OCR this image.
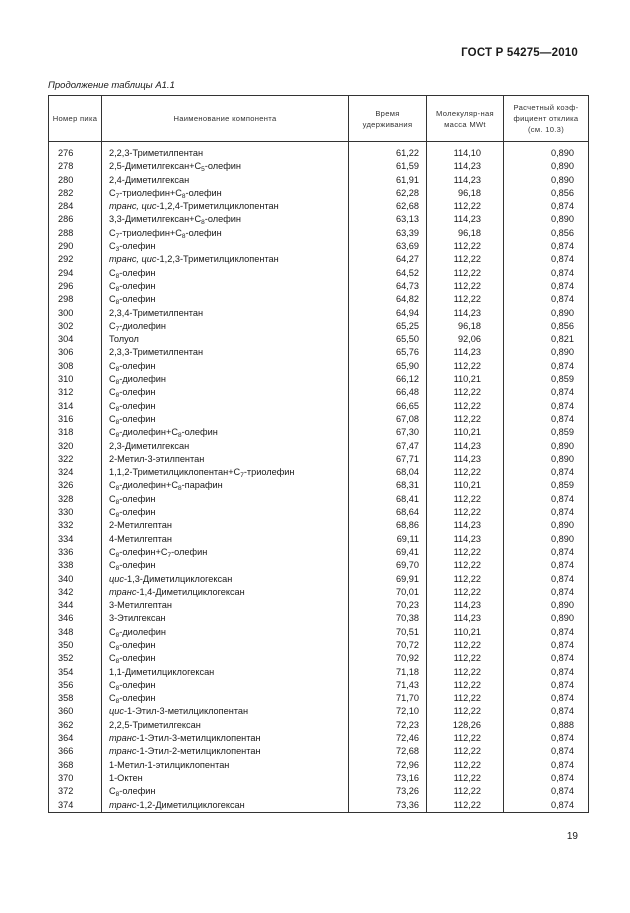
ГОСТ Р 54275—2010
Продолжение таблицы А1.1
Номер пика	Наименование компонента	Время удерживания	Молекуляр-ная масса MWt	Расчетный коэф-фициент отклика (см. 10.3)

276	2,2,3-Триметилпентан	61,22	114,10	0,890
278	$2,5-Диметилгексан+С_5$-олефин	61,59	114,23	0,890
280	2,4-Диметилгексан	61,91	114,23	0,890
282	$С_7-триолефин+С_8$-олефин	62,28	96,18	0,856
284	транс, цис-1,2,4-Триметилциклопентан	62,68	112,22	0,874
286	$3,3-Диметилгексан+С_8$-олефин	63,13	114,23	0,890
288	$С_7-триолефин+С_8$-олефин	63,39	96,18	0,856
290	$С_3$-олефин	63,69	112,22	0,874
292	транс, цис-1,2,3-Триметилциклопентан	64,27	112,22	0,874
294	$С_8$-олефин	64,52	112,22	0,874
296	$С_8$-олефин	64,73	112,22	0,874
298	$С_8$-олефин	64,82	112,22	0,874
300	2,3,4-Триметилпентан	64,94	114,23	0,890
302	$С_7$-диолефин	65,25	96,18	0,856
304	Толуол	65,50	92,06	0,821
306	2,3,3-Триметилпентан	65,76	114,23	0,890
308	$С_8$-олефин	65,90	112,22	0,874
310	$С_8$-диолефин	66,12	110,21	0,859
312	$С_8$-олефин	66,48	112,22	0,874
314	$С_8$-олефин	66,65	112,22	0,874
316	$С_8$-олефин	67,08	112,22	0,874
318	$С_8-диолефин+С_8$-олефин	67,30	110,21	0,859
320	2,3-Диметилгексан	67,47	114,23	0,890
322	2-Метил-3-этилпентан	67,71	114,23	0,890
324	$1,1,2-Триметилциклопентан+С_7$-триолефин	68,04	112,22	0,874
326	$С_8-диолефин+С_8$-парафин	68,31	110,21	0,859
328	$С_8$-олефин	68,41	112,22	0,874
330	$С_8$-олефин	68,64	112,22	0,874
332	2-Метилгептан	68,86	114,23	0,890
334	4-Метилгептан	69,11	114,23	0,890
336	$С_8-олефин+С_7$-олефин	69,41	112,22	0,874
338	$С_8$-олефин	69,70	112,22	0,874
340	цис-1,3-Диметилциклогексан	69,91	112,22	0,874
342	транс-1,4-Диметилциклогексан	70,01	112,22	0,874
344	3-Метилгептан	70,23	114,23	0,890
346	3-Этилгексан	70,38	114,23	0,890
348	$С_8$-диолефин	70,51	110,21	0,874
350	$С_8$-олефин	70,72	112,22	0,874
352	$С_8$-олефин	70,92	112,22	0,874
354	1,1-Диметилциклогексан	71,18	112,22	0,874
356	$С_8$-олефин	71,43	112,22	0,874
358	$С_8$-олефин	71,70	112,22	0,874
360	цис-1-Этил-3-метилциклопентан	72,10	112,22	0,874
362	2,2,5-Триметилгексан	72,23	128,26	0,888
364	транс-1-Этил-3-метилциклопентан	72,46	112,22	0,874
366	транс-1-Этил-2-метилциклопентан	72,68	112,22	0,874
368	1-Метил-1-этилциклопентан	72,96	112,22	0,874
370	1-Октен	73,16	112,22	0,874
372	$С_8$-олефин	73,26	112,22	0,874
374	транс-1,2-Диметилциклогексан	73,36	112,22	0,874
19
